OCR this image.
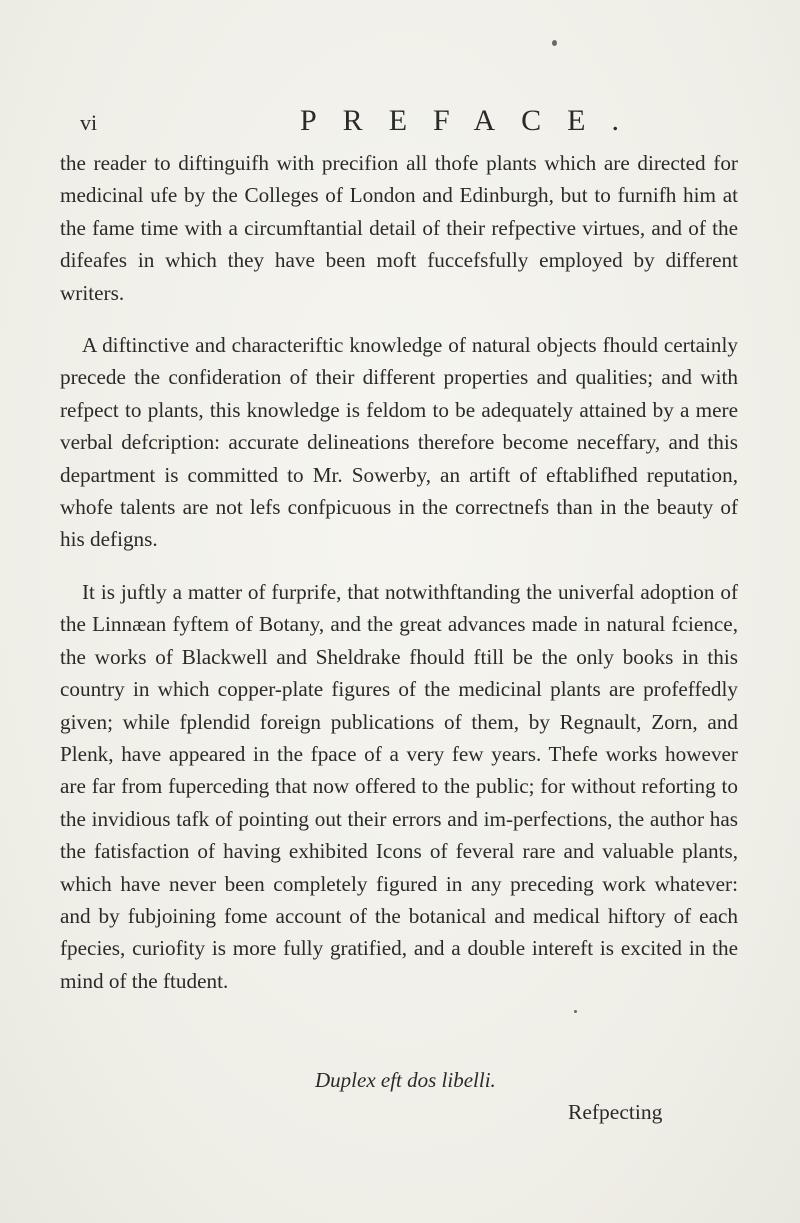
vi	PREFACE.

the reader to diftinguifh with precifion all thofe plants which are directed for medicinal ufe by the Colleges of London and Edinburgh, but to furnifh him at the fame time with a circumftantial detail of their refpective virtues, and of the difeafes in which they have been moft fuccefsfully employed by different writers.

A diftinctive and characteriftic knowledge of natural objects fhould certainly precede the confideration of their different properties and qualities; and with refpect to plants, this knowledge is feldom to be adequately attained by a mere verbal defcription: accurate delineations therefore become neceffary, and this department is committed to Mr. Sowerby, an artift of eftablifhed reputation, whofe talents are not lefs confpicuous in the correctnefs than in the beauty of his defigns.

It is juftly a matter of furprife, that notwithftanding the univerfal adoption of the Linnæan fyftem of Botany, and the great advances made in natural fcience, the works of Blackwell and Sheldrake fhould ftill be the only books in this country in which copper-plate figures of the medicinal plants are profeffedly given; while fplendid foreign publications of them, by Regnault, Zorn, and Plenk, have appeared in the fpace of a very few years. Thefe works however are far from fuperceding that now offered to the public; for without reforting to the invidious tafk of pointing out their errors and im-perfections, the author has the fatisfaction of having exhibited Icons of feveral rare and valuable plants, which have never been completely figured in any preceding work whatever: and by fubjoining fome account of the botanical and medical hiftory of each fpecies, curiofity is more fully gratified, and a double intereft is excited in the mind of the ftudent.

Duplex eft dos libelli.
Refpecting
